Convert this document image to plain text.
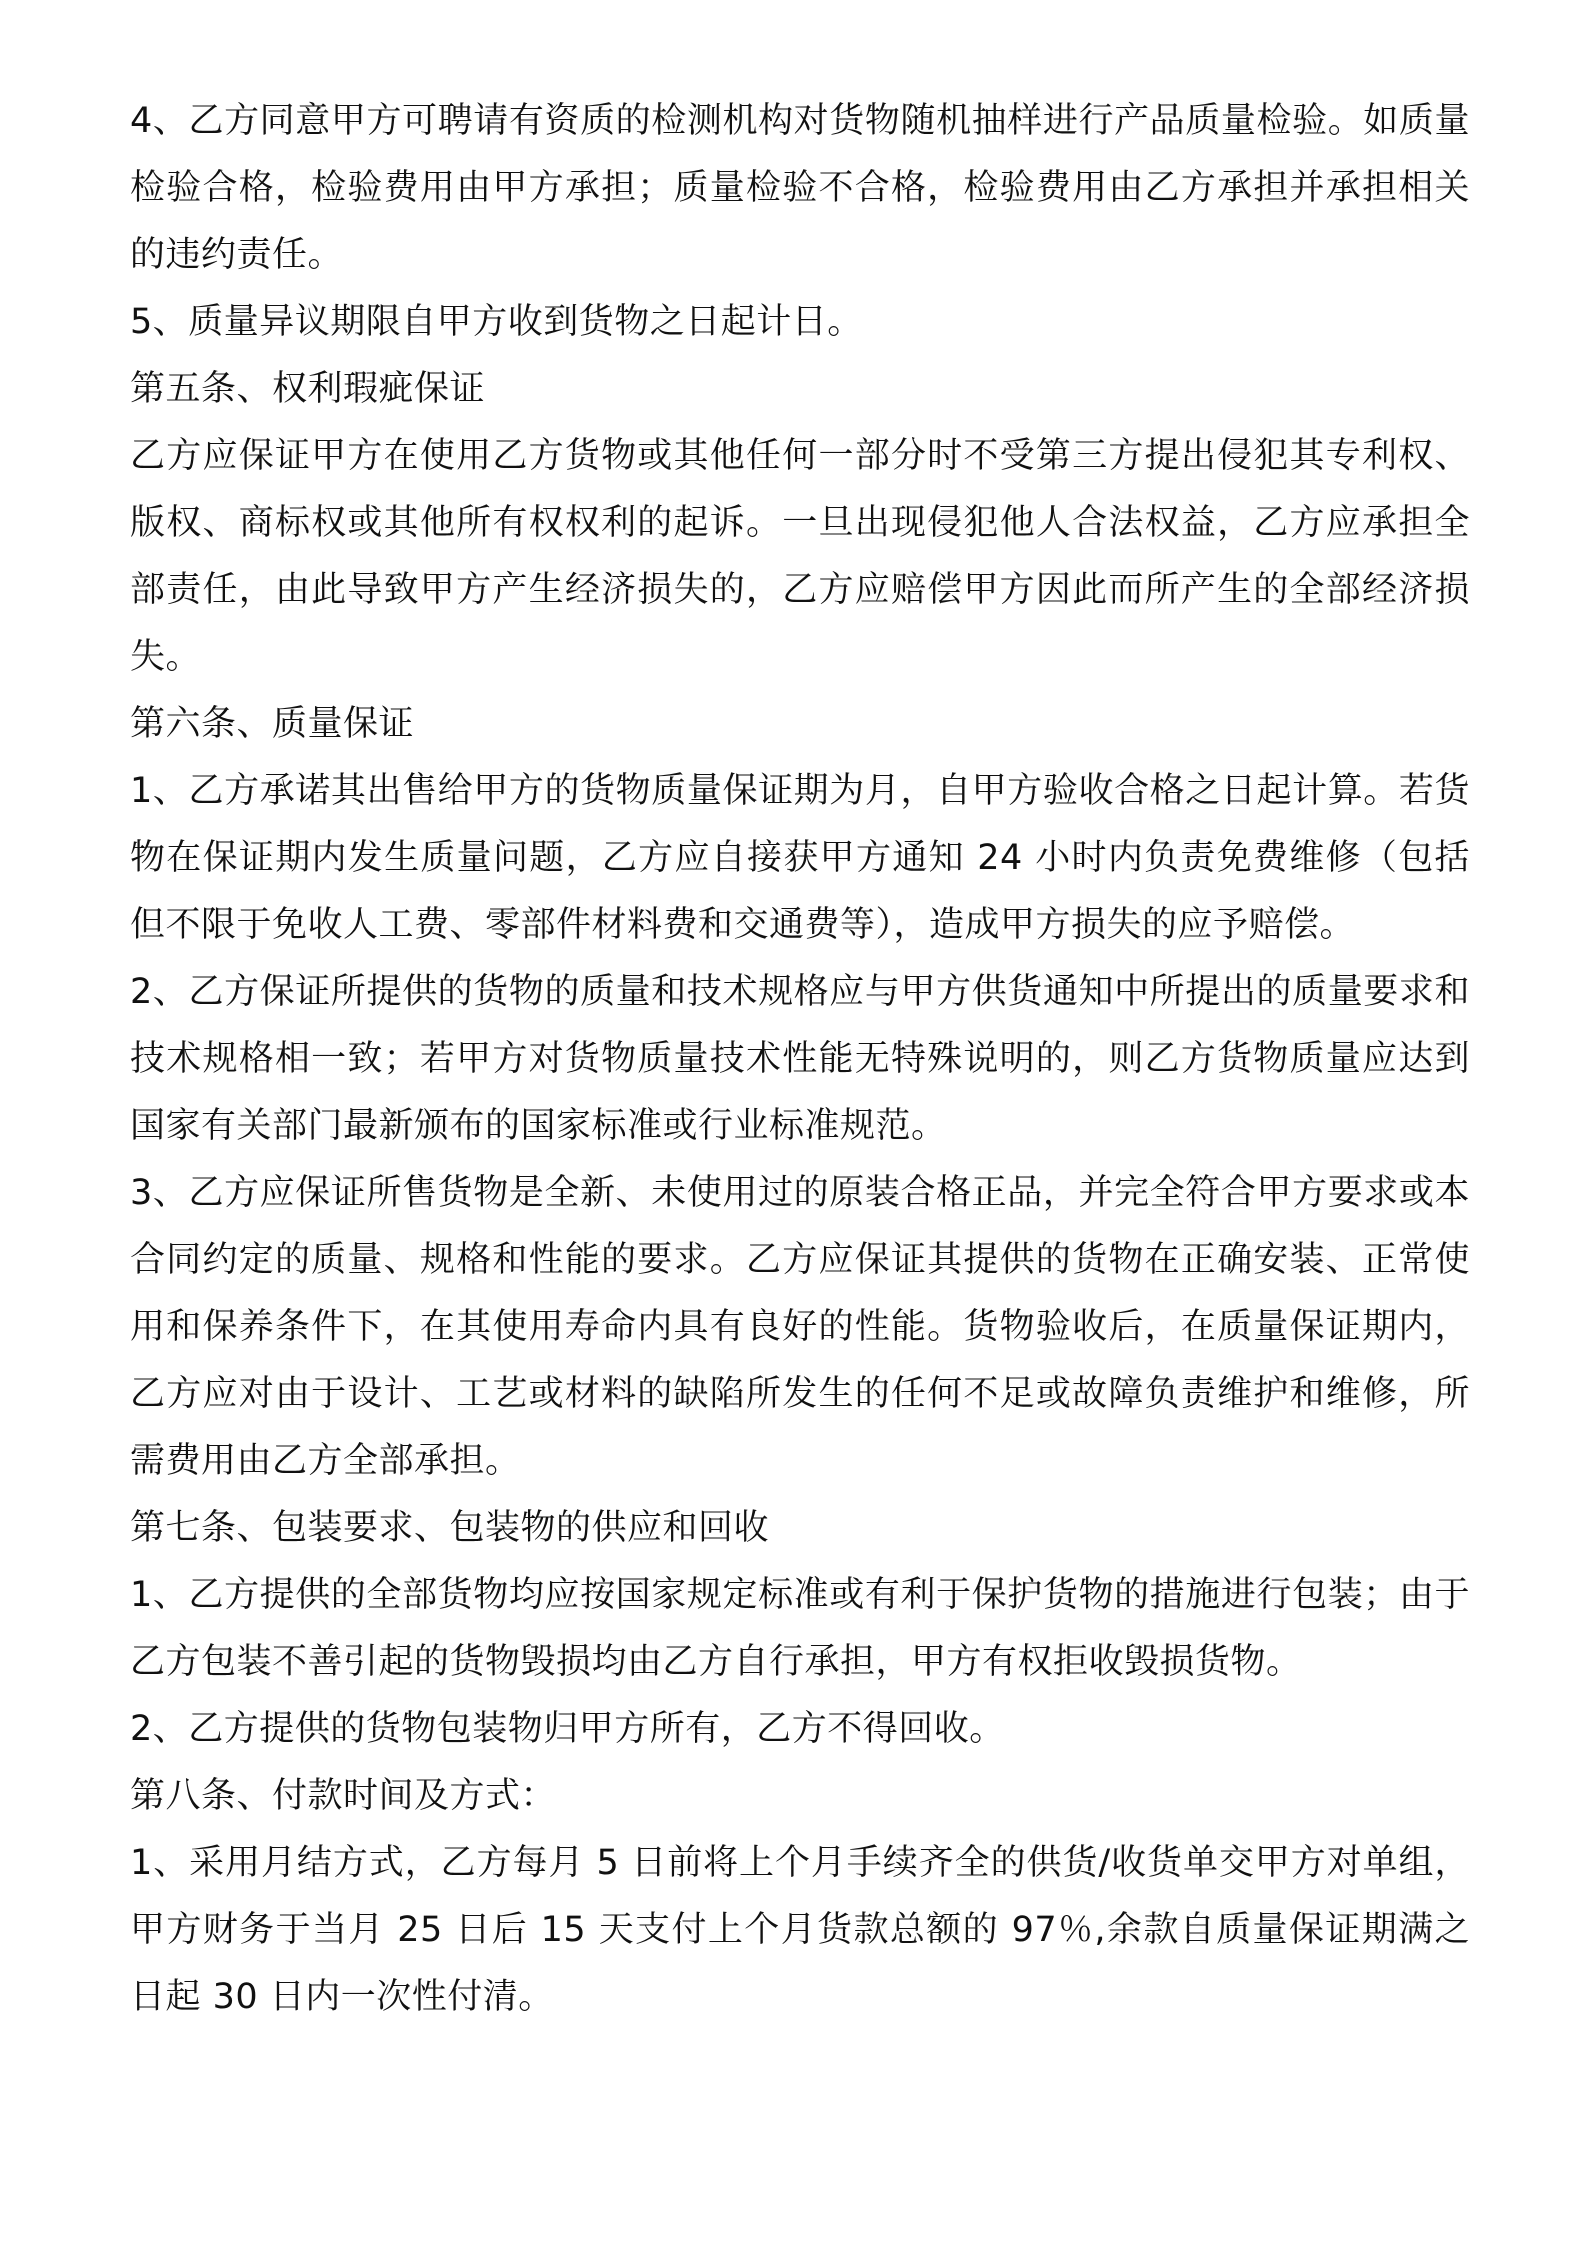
4、乙方同意甲方可聘请有资质的检测机构对货物随机抽样进行产品质量检验。如质量检验合格，检验费用由甲方承担；质量检验不合格，检验费用由乙方承担并承担相关的违约责任。

5、质量异议期限自甲方收到货物之日起计日。

第五条、权利瑕疵保证

乙方应保证甲方在使用乙方货物或其他任何一部分时不受第三方提出侵犯其专利权、版权、商标权或其他所有权权利的起诉。一旦出现侵犯他人合法权益，乙方应承担全部责任，由此导致甲方产生经济损失的，乙方应赔偿甲方因此而所产生的全部经济损失。

第六条、质量保证

1、乙方承诺其出售给甲方的货物质量保证期为月，自甲方验收合格之日起计算。若货物在保证期内发生质量问题，乙方应自接获甲方通知 24 小时内负责免费维修（包括但不限于免收人工费、零部件材料费和交通费等），造成甲方损失的应予赔偿。

2、乙方保证所提供的货物的质量和技术规格应与甲方供货通知中所提出的质量要求和技术规格相一致；若甲方对货物质量技术性能无特殊说明的，则乙方货物质量应达到国家有关部门最新颁布的国家标准或行业标准规范。

3、乙方应保证所售货物是全新、未使用过的原装合格正品，并完全符合甲方要求或本合同约定的质量、规格和性能的要求。乙方应保证其提供的货物在正确安装、正常使用和保养条件下，在其使用寿命内具有良好的性能。货物验收后，在质量保证期内，乙方应对由于设计、工艺或材料的缺陷所发生的任何不足或故障负责维护和维修，所需费用由乙方全部承担。

第七条、包装要求、包装物的供应和回收

1、乙方提供的全部货物均应按国家规定标准或有利于保护货物的措施进行包装；由于乙方包装不善引起的货物毁损均由乙方自行承担，甲方有权拒收毁损货物。

2、乙方提供的货物包装物归甲方所有，乙方不得回收。

第八条、付款时间及方式：

1、采用月结方式，乙方每月 5 日前将上个月手续齐全的供货/收货单交甲方对单组，甲方财务于当月 25 日后 15 天支付上个月货款总额的 97％,余款自质量保证期满之日起 30 日内一次性付清。
